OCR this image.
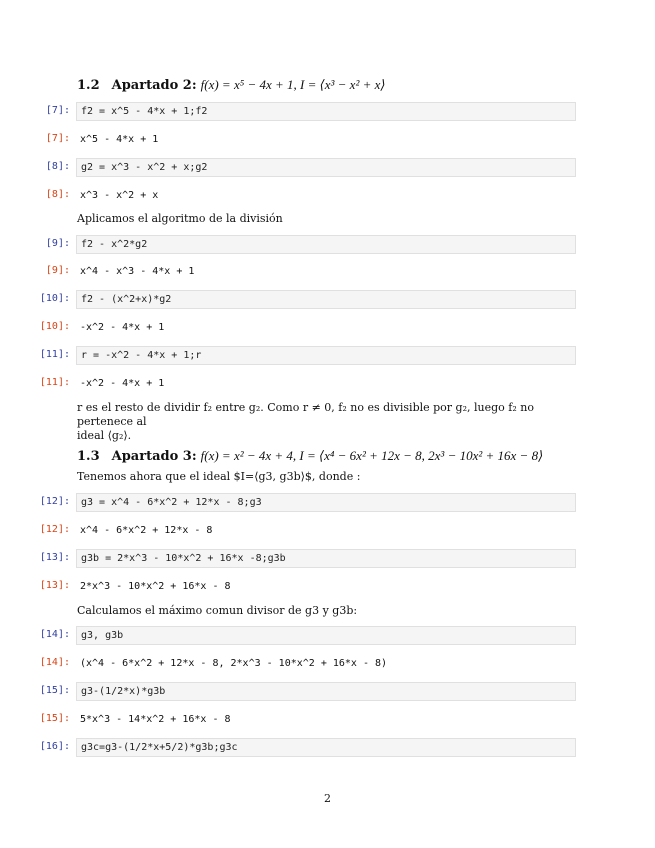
1.2 Apartado 2: f(x) = x⁵ − 4x + 1, I = ⟨x³ − x² + x⟩
[7]:	f2 = x^5 - 4*x + 1;f2
[7]: x^5 - 4*x + 1
[8]:	g2 = x^3 - x^2 + x;g2
[8]: x^3 - x^2 + x
Aplicamos el algoritmo de la división
[9]:	f2 - x^2*g2
[9]: x^4 - x^3 - 4*x + 1
[10]:	f2 - (x^2+x)*g2
[10]: -x^2 - 4*x + 1
[11]:	r = -x^2 - 4*x + 1;r
[11]: -x^2 - 4*x + 1
r es el resto de dividir f₂ entre g₂. Como r ≠ 0, f₂ no es divisible por g₂, luego f₂ no pertenece al
ideal ⟨g₂⟩.
1.3 Apartado 3: f(x) = x² − 4x + 4, I = ⟨x⁴ − 6x² + 12x − 8, 2x³ − 10x² + 16x − 8⟩
Tenemos ahora que el ideal $I=⟨g3, g3b⟩$, donde :
[12]:	g3 = x^4 - 6*x^2 + 12*x - 8;g3
[12]: x^4 - 6*x^2 + 12*x - 8
[13]:	g3b = 2*x^3 - 10*x^2 + 16*x -8;g3b
[13]: 2*x^3 - 10*x^2 + 16*x - 8
Calculamos el máximo comun divisor de g3 y g3b:
[14]:	g3, g3b
[14]: (x^4 - 6*x^2 + 12*x - 8, 2*x^3 - 10*x^2 + 16*x - 8)
[15]:	g3-(1/2*x)*g3b
[15]: 5*x^3 - 14*x^2 + 16*x - 8
[16]:	g3c=g3-(1/2*x+5/2)*g3b;g3c
2
